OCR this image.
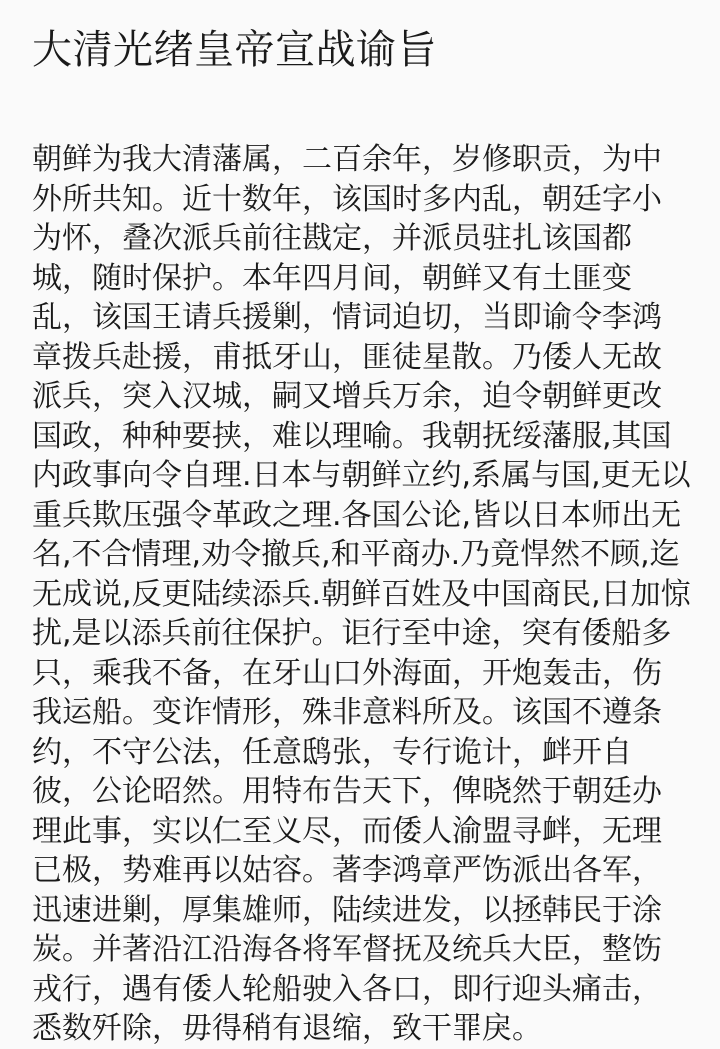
大清光绪皇帝宣战谕旨
朝鲜为我大清藩属，二百余年，岁修职贡，为中
外所共知。近十数年，该国时多内乱，朝廷字小
为怀，叠次派兵前往戡定，并派员驻扎该国都
城，随时保护。本年四月间，朝鲜又有土匪变
乱，该国王请兵援剿，情词迫切，当即谕令李鸿
章拨兵赴援，甫抵牙山，匪徒星散。乃倭人无故
派兵，突入汉城，嗣又增兵万余，迫令朝鲜更改
国政，种种要挟，难以理喻。我朝抚绥藩服,其国
内政事向令自理.日本与朝鲜立约,系属与国,更无以
重兵欺压强令革政之理.各国公论,皆以日本师出无
名,不合情理,劝令撤兵,和平商办.乃竟悍然不顾,迄
无成说,反更陆续添兵.朝鲜百姓及中国商民,日加惊
扰,是以添兵前往保护。讵行至中途，突有倭船多
只，乘我不备，在牙山口外海面，开炮轰击，伤
我运船。变诈情形，殊非意料所及。该国不遵条
约，不守公法，任意鸱张，专行诡计，衅开自
彼，公论昭然。用特布告天下，俾晓然于朝廷办
理此事，实以仁至义尽，而倭人渝盟寻衅，无理
已极，势难再以姑容。著李鸿章严饬派出各军，
迅速进剿，厚集雄师，陆续进发，以拯韩民于涂
炭。并著沿江沿海各将军督抚及统兵大臣，整饬
戎行，遇有倭人轮船驶入各口，即行迎头痛击，
悉数歼除，毋得稍有退缩，致干罪戾。
